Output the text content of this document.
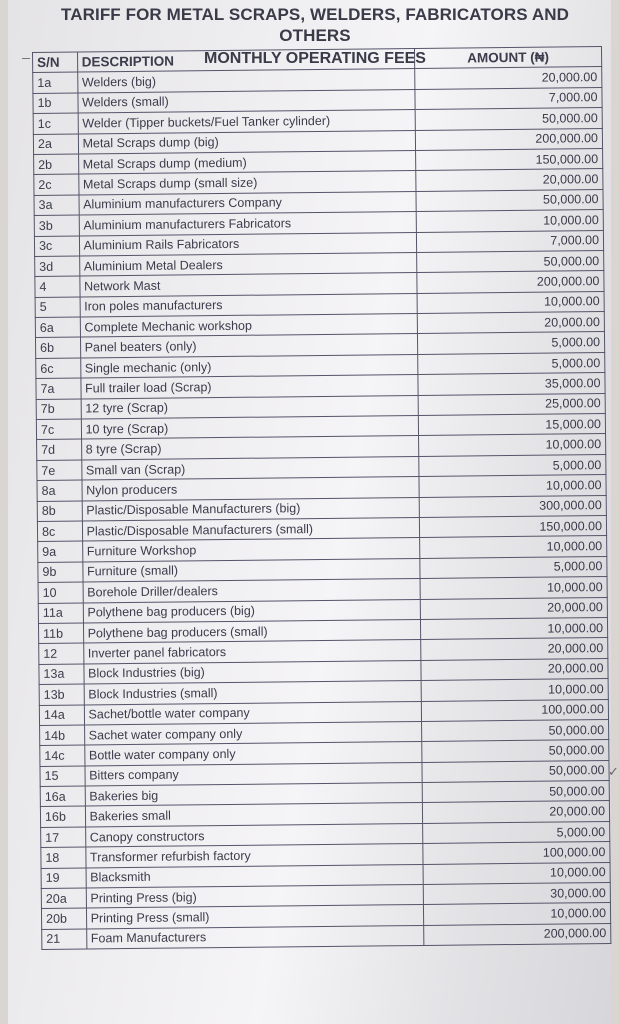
TARIFF FOR METAL SCRAPS, WELDERS, FABRICATORS AND OTHERS
MONTHLY OPERATING FEES
S/N	DESCRIPTION	AMOUNT (₦)
1a	Welders (big)	20,000.00
1b	Welders (small)	7,000.00
1c	Welder (Tipper buckets/Fuel Tanker cylinder)	50,000.00
2a	Metal Scraps dump (big)	200,000.00
2b	Metal Scraps dump (medium)	150,000.00
2c	Metal Scraps dump (small size)	20,000.00
3a	Aluminium manufacturers Company	50,000.00
3b	Aluminium manufacturers Fabricators	10,000.00
3c	Aluminium Rails Fabricators	7,000.00
3d	Aluminium Metal Dealers	50,000.00
4	Network Mast	200,000.00
5	Iron poles manufacturers	10,000.00
6a	Complete Mechanic workshop	20,000.00
6b	Panel beaters (only)	5,000.00
6c	Single mechanic (only)	5,000.00
7a	Full trailer load (Scrap)	35,000.00
7b	12 tyre (Scrap)	25,000.00
7c	10 tyre (Scrap)	15,000.00
7d	8 tyre (Scrap)	10,000.00
7e	Small van (Scrap)	5,000.00
8a	Nylon producers	10,000.00
8b	Plastic/Disposable Manufacturers (big)	300,000.00
8c	Plastic/Disposable Manufacturers (small)	150,000.00
9a	Furniture Workshop	10,000.00
9b	Furniture (small)	5,000.00
10	Borehole Driller/dealers	10,000.00
11a	Polythene bag producers (big)	20,000.00
11b	Polythene bag producers (small)	10,000.00
12	Inverter panel fabricators	20,000.00
13a	Block Industries (big)	20,000.00
13b	Block Industries (small)	10,000.00
14a	Sachet/bottle water company	100,000.00
14b	Sachet water company only	50,000.00
14c	Bottle water company only	50,000.00
15	Bitters company	50,000.00
16a	Bakeries big	50,000.00
16b	Bakeries small	20,000.00
17	Canopy constructors	5,000.00
18	Transformer refurbish factory	100,000.00
19	Blacksmith	10,000.00
20a	Printing Press (big)	30,000.00
20b	Printing Press (small)	10,000.00
21	Foam Manufacturers	200,000.00
✓
